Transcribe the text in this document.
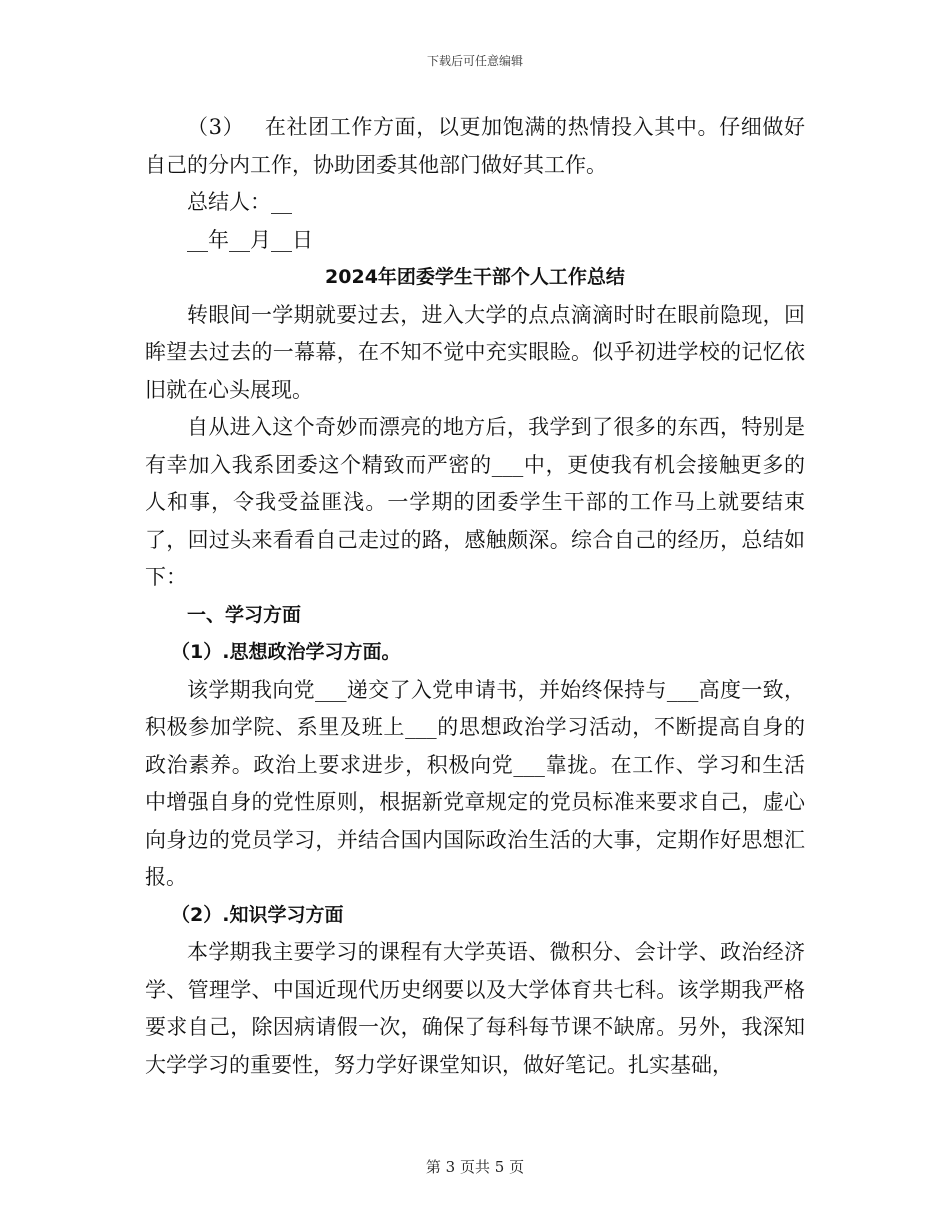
下载后可任意编辑

（3） 在社团工作方面，以更加饱满的热情投入其中。仔细做好自己的分内工作，协助团委其他部门做好其工作。

总结人：__

__年__月__日

2024年团委学生干部个人工作总结

转眼间一学期就要过去，进入大学的点点滴滴时时在眼前隐现，回眸望去过去的一幕幕，在不知不觉中充实眼睑。似乎初进学校的记忆依旧就在心头展现。

自从进入这个奇妙而漂亮的地方后，我学到了很多的东西，特别是有幸加入我系团委这个精致而严密的___中，更使我有机会接触更多的人和事，令我受益匪浅。一学期的团委学生干部的工作马上就要结束了，回过头来看看自己走过的路，感触颇深。综合自己的经历，总结如下：

一、学习方面

（1）.思想政治学习方面。

该学期我向党___递交了入党申请书，并始终保持与___高度一致，积极参加学院、系里及班上___的思想政治学习活动，不断提高自身的政治素养。政治上要求进步，积极向党___靠拢。在工作、学习和生活中增强自身的党性原则，根据新党章规定的党员标准来要求自己，虚心向身边的党员学习，并结合国内国际政治生活的大事，定期作好思想汇报。

（2）.知识学习方面

本学期我主要学习的课程有大学英语、微积分、会计学、政治经济学、管理学、中国近现代历史纲要以及大学体育共七科。该学期我严格要求自己，除因病请假一次，确保了每科每节课不缺席。另外，我深知大学学习的重要性，努力学好课堂知识，做好笔记。扎实基础，

第 3 页共 5 页
